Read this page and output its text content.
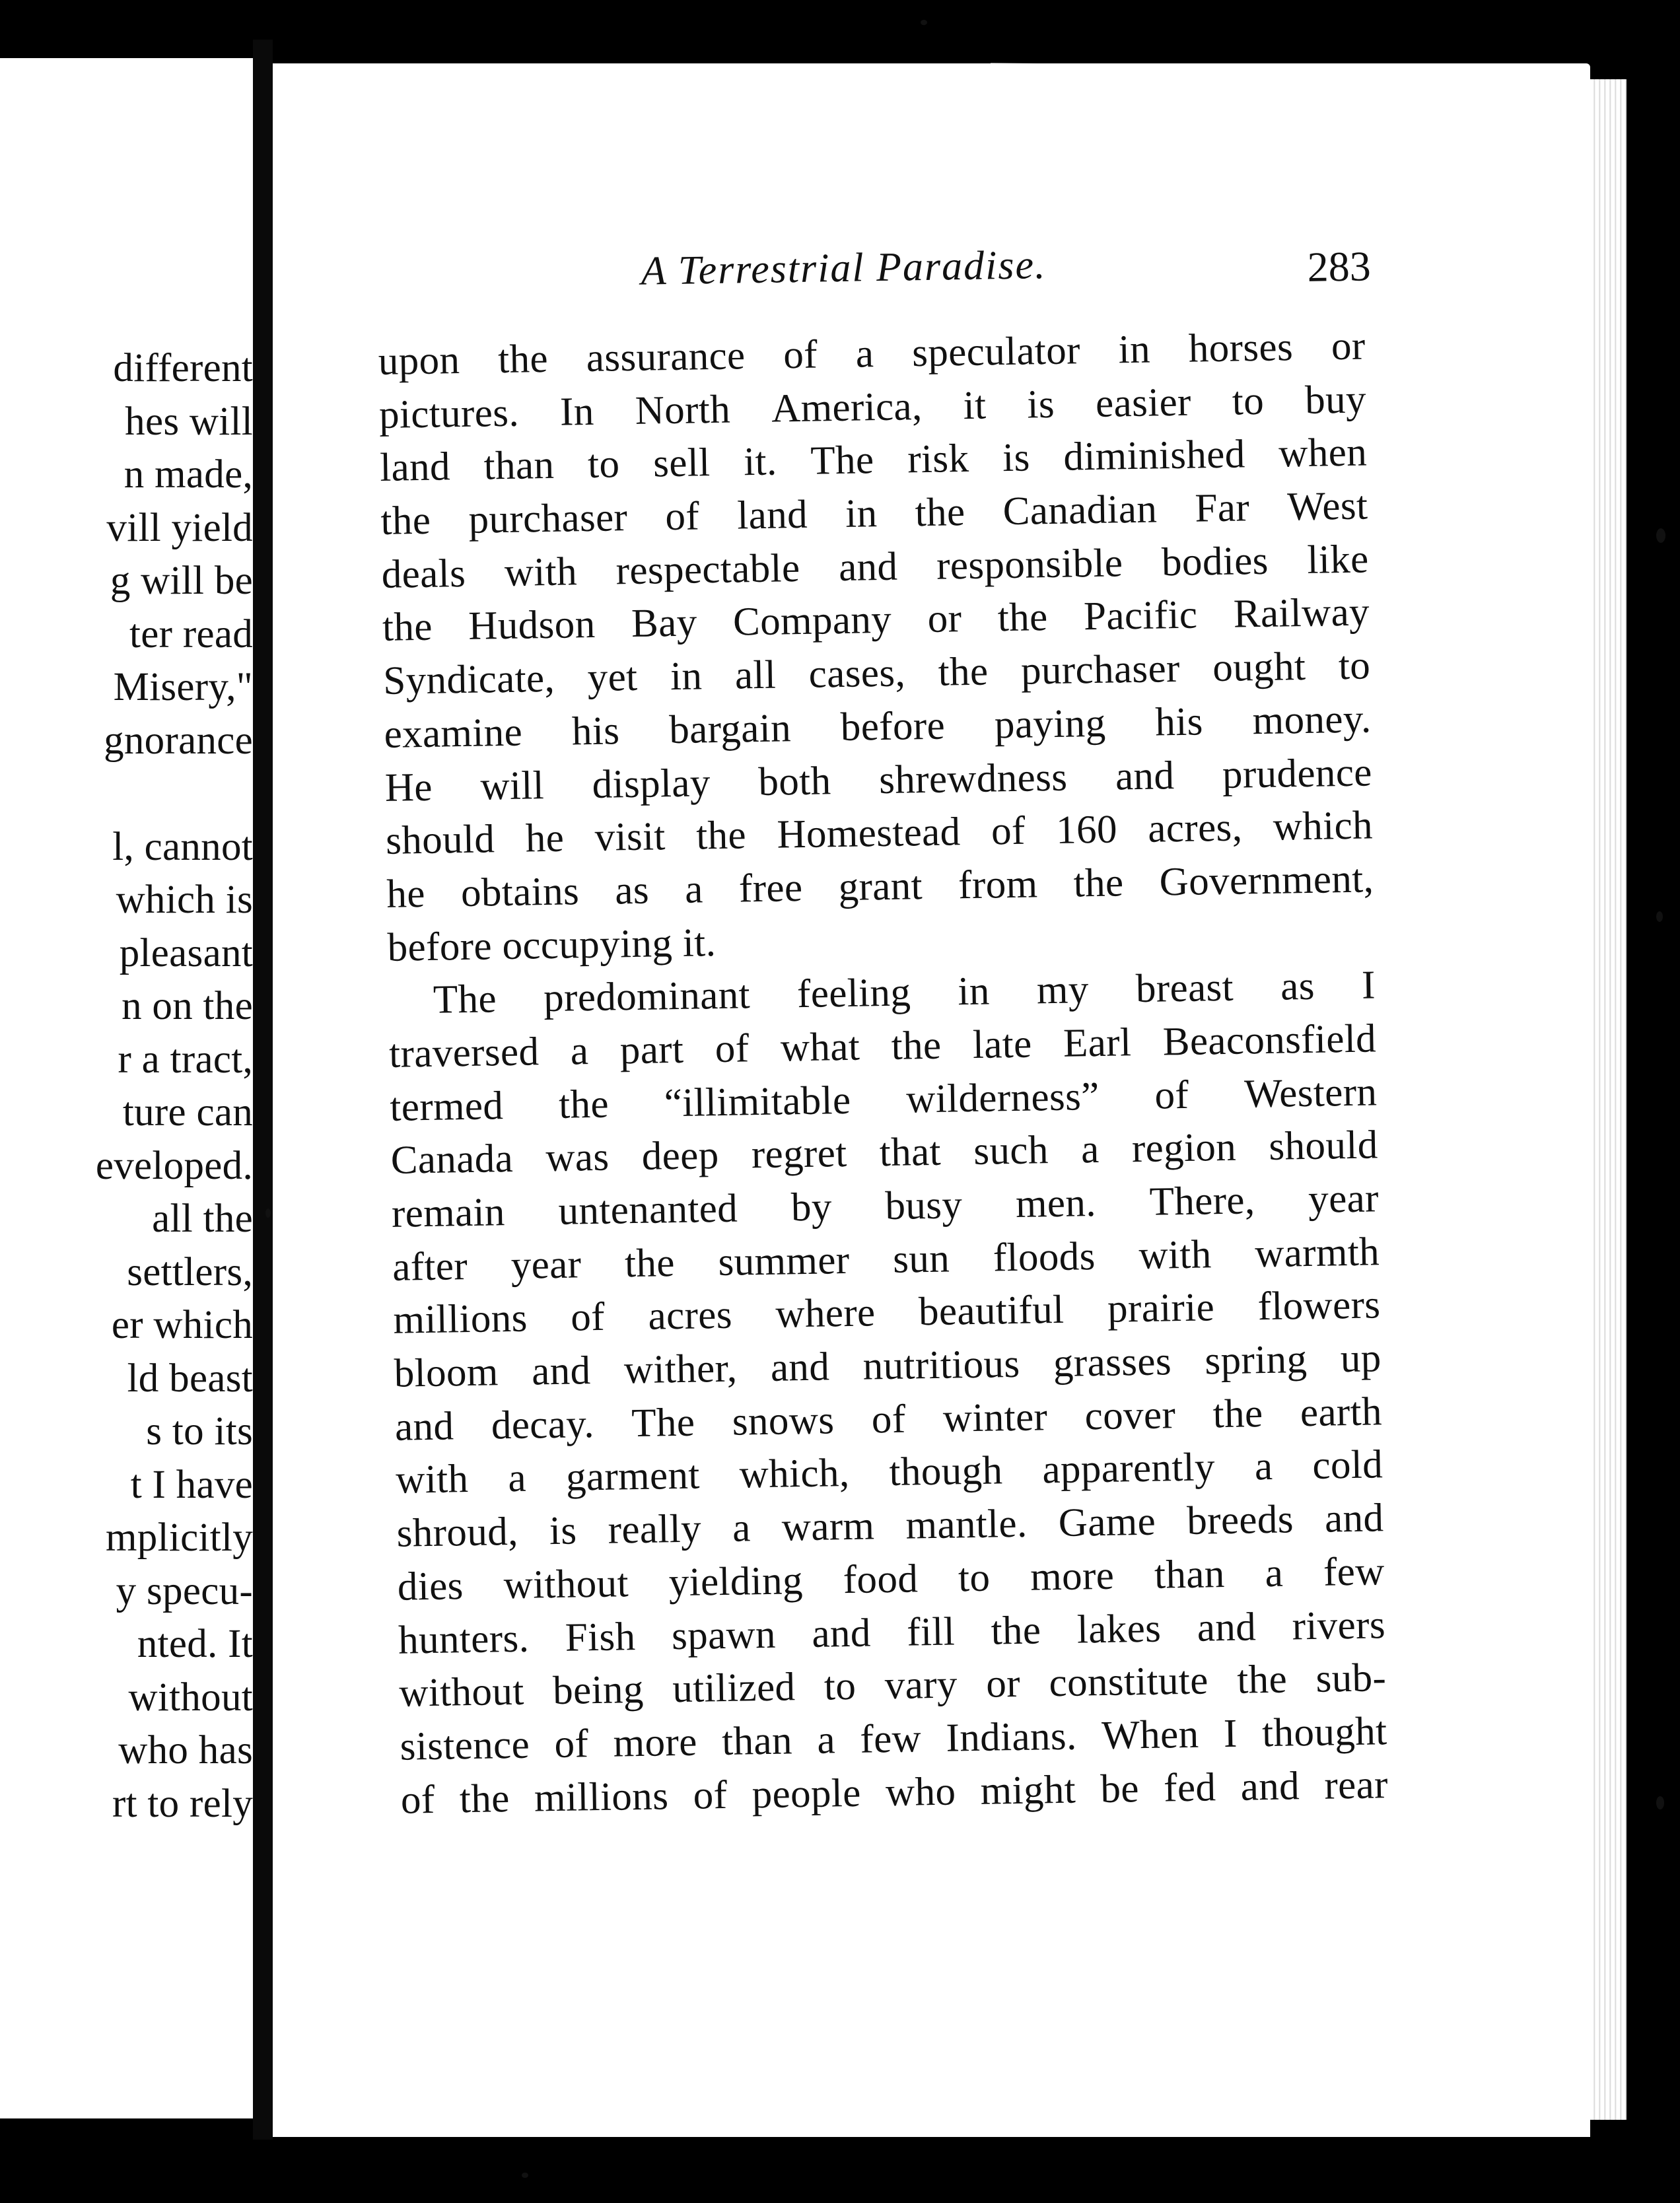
different
hes will
n made,
vill yield
g will be
ter read
Misery,"
gnorance
l, cannot
which is
pleasant
n on the
r a tract,
ture can
eveloped.
all the
settlers,
er which
ld beast
s to its
t I have
mplicitly
y specu-
nted. It
without
who has
rt to rely
A Terrestrial Paradise.	283
upon the assurance of a speculator in horses or
pictures. In North America, it is easier to buy
land than to sell it. The risk is diminished when
the purchaser of land in the Canadian Far West
deals with respectable and responsible bodies like
the Hudson Bay Company or the Pacific Railway
Syndicate, yet in all cases, the purchaser ought to
examine his bargain before paying his money.
He will display both shrewdness and prudence
should he visit the Homestead of 160 acres, which
he obtains as a free grant from the Government,
before occupying it.
The predominant feeling in my breast as I
traversed a part of what the late Earl Beaconsfield
termed the “illimitable wilderness” of Western
Canada was deep regret that such a region should
remain untenanted by busy men. There, year
after year the summer sun floods with warmth
millions of acres where beautiful prairie flowers
bloom and wither, and nutritious grasses spring up
and decay. The snows of winter cover the earth
with a garment which, though apparently a cold
shroud, is really a warm mantle. Game breeds and
dies without yielding food to more than a few
hunters. Fish spawn and fill the lakes and rivers
without being utilized to vary or constitute the sub-
sistence of more than a few Indians. When I thought
of the millions of people who might be fed and rear
